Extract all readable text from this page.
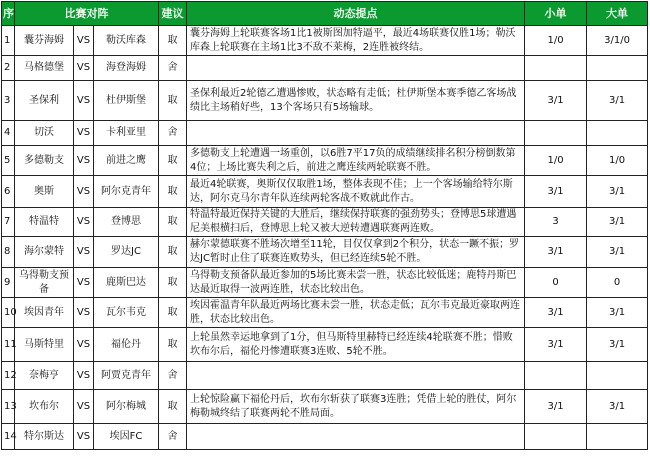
序	比赛对阵			建议	动态提点	小单	大单
1	囊芬海姆	VS	勒沃库森	取	囊芬海姆上轮联赛客场1比1被斯图加特逼平，最近4场联赛仅胜1场；勒沃库森上轮联赛在主场1比3不敌不莱梅，2连胜被终结。	1/0	3/1/0
2	马格德堡	VS	海登海姆	舍			
3	圣保利	VS	杜伊斯堡	取	圣保利最近2轮德乙遭遇惨败，状态略有走低；杜伊斯堡本赛季德乙客场战绩比主场稍好些，13个客场只有5场输球。	3/1	3/1
4	切沃	VS	卡利亚里	舍			
5	多德勒支	VS	前进之鹰	取	多德勒支上轮遭遇一场重创，以6胜7平17负的成绩继续排名积分榜倒数第4位；上场比赛失利之后，前进之鹰连续两轮联赛不胜。	1/0	1/0
6	奥斯	VS	阿尔克青年	取	最近4轮联赛，奥斯仅仅取胜1场，整体表现不佳；上一个客场输给特尔斯达，阿尔克马尔青年队连续两轮客战不败就此作古。	3/1	3/1
7	特温特	VS	登博思	取	特温特最近保持关键的大胜后，继续保持联赛的强劲势头；登博思5球遭遇尼美根横扫后，登博思上轮又被大逆转遭遇联赛两连败。	3	3/1
8	海尔蒙特	VS	罗达JC	取	赫尔蒙德联赛不胜场次增至11轮，目仅仅拿到2个积分，状态一蹶不振；罗达JC暂时止住了联赛连败势头，但已经连续5轮不胜。	3/1	3/1
9	乌得勒支预备	VS	鹿斯巴达	取	乌得勒支预备队最近参加的5场比赛未尝一胜，状态比较低迷；鹿特丹斯巴达最近取得一波两连胜，状态比较出色。	0	0
10	埃因青年	VS	瓦尔韦克	取	埃因霍温青年队最近两场比赛未尝一胜，状态走低；瓦尔韦克最近豪取两连胜，状态比较出色。	3/1	3/1
11	马斯特里	VS	福伦丹	取	上轮虽然幸运地拿到了1分，但马斯特里赫特已经连续4轮联赛不胜；惜败坎布尔后，福伦丹惨遭联赛3连败、5轮不胜。	3/1	3/1
12	奈梅亨	VS	阿贾克青年	舍			
13	坎布尔	VS	阿尔梅城	取	上轮惊险赢下福伦丹后，坎布尔斩获了联赛3连胜；凭借上轮的胜仗，阿尔梅勒城终结了联赛两轮不胜局面。	3/1	3/1
14	特尔斯达	VS	埃因FC	舍			
